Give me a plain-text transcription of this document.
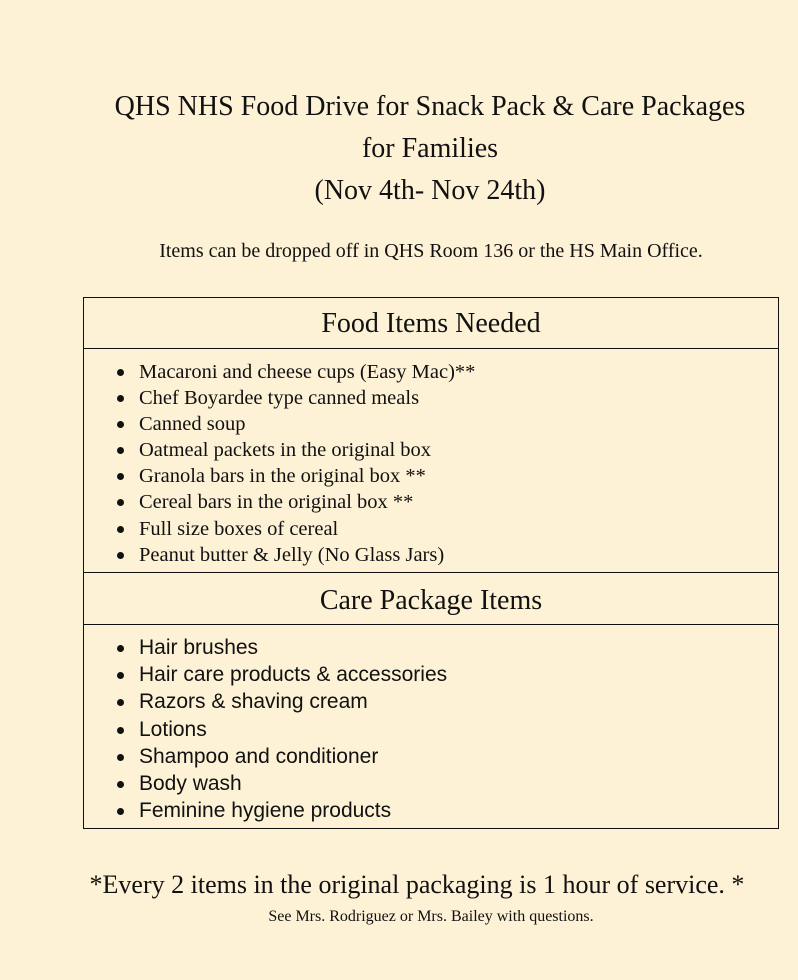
QHS NHS Food Drive for Snack Pack & Care Packages
for Families
(Nov 4th- Nov 24th)
Items can be dropped off in QHS Room 136 or the HS Main Office.
Food Items Needed
Macaroni and cheese cups (Easy Mac)**
Chef Boyardee type canned meals
Canned soup
Oatmeal packets in the original box
Granola bars in the original box **
Cereal bars in the original box **
Full size boxes of cereal
Peanut butter & Jelly (No Glass Jars)
Care Package Items
Hair brushes
Hair care products & accessories
Razors & shaving cream
Lotions
Shampoo and conditioner
Body wash
Feminine hygiene products
*Every 2 items in the original packaging is 1 hour of service. *
See Mrs. Rodriguez or Mrs. Bailey with questions.
